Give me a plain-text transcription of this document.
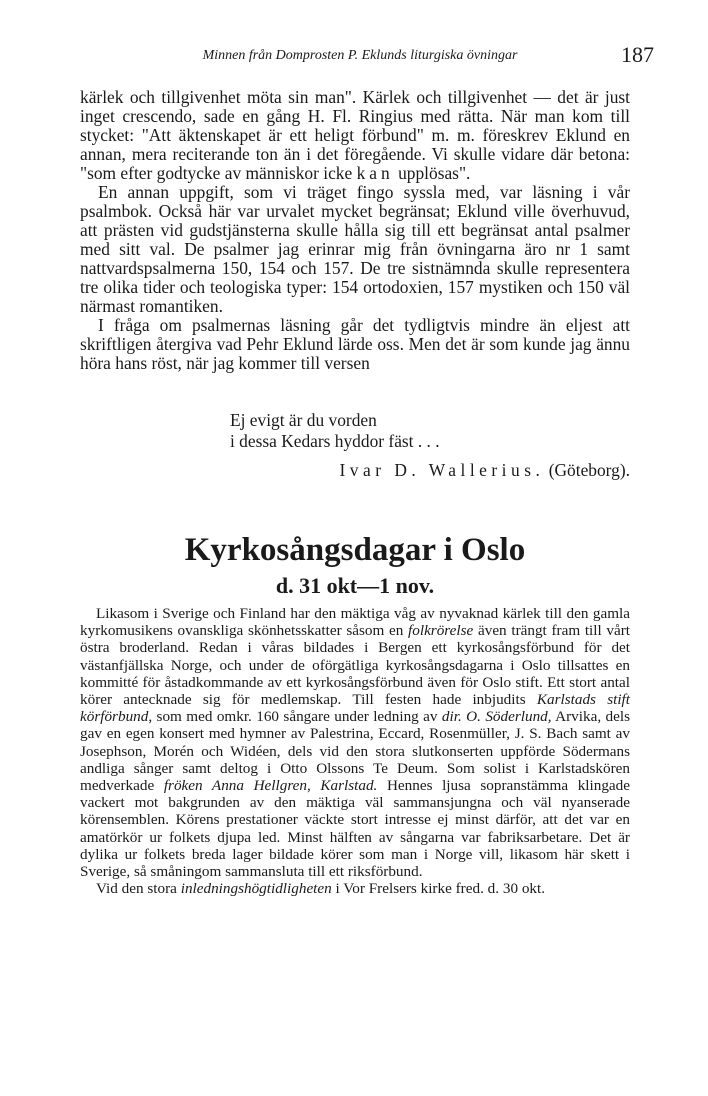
Minnen från Domprosten P. Eklunds liturgiska övningar	187

kärlek och tillgivenhet möta sin man". Kärlek och tillgivenhet — det är just inget crescendo, sade en gång H. Fl. Ringius med rätta. När man kom till stycket: "Att äktenskapet är ett heligt förbund" m. m. föreskrev Eklund en annan, mera reciterande ton än i det föregående. Vi skulle vidare där betona: "som efter godtycke av människor icke kan upplösas".

En annan uppgift, som vi träget fingo syssla med, var läsning i vår psalmbok. Också här var urvalet mycket begränsat; Eklund ville överhuvud, att prästen vid gudstjänsterna skulle hålla sig till ett begränsat antal psalmer med sitt val. De psalmer jag erinrar mig från övningarna äro nr 1 samt nattvardspsalmerna 150, 154 och 157. De tre sistnämnda skulle representera tre olika tider och teologiska typer: 154 ortodoxien, 157 mystiken och 150 väl närmast romantiken.

I fråga om psalmernas läsning går det tydligtvis mindre än eljest att skriftligen återgiva vad Pehr Eklund lärde oss. Men det är som kunde jag ännu höra hans röst, när jag kommer till versen

Ej evigt är du vorden
i dessa Kedars hyddor fäst . . .
Ivar D. Wallerius. (Göteborg).
Kyrkosångsdagar i Oslo
d. 31 okt—1 nov.

Likasom i Sverige och Finland har den mäktiga våg av nyvaknad kärlek till den gamla kyrkomusikens ovanskliga skönhetsskatter såsom en folkrörelse även trängt fram till vårt östra broderland. Redan i våras bildades i Bergen ett kyrkosångsförbund för det västanfjällska Norge, och under de oförgätliga kyrkosångsdagarna i Oslo tillsattes en kommitté för åstadkommande av ett kyrkosångsförbund även för Oslo stift. Ett stort antal körer antecknade sig för medlemskap. Till festen hade inbjudits Karlstads stift körförbund, som med omkr. 160 sångare under ledning av dir. O. Söderlund, Arvika, dels gav en egen konsert med hymner av Palestrina, Eccard, Rosenmüller, J. S. Bach samt av Josephson, Morén och Widéen, dels vid den stora slutkonserten uppförde Södermans andliga sånger samt deltog i Otto Olssons Te Deum. Som solist i Karlstadskören medverkade fröken Anna Hellgren, Karlstad. Hennes ljusa sopranstämma klingade vackert mot bakgrunden av den mäktiga väl sammansjungna och väl nyanserade körensemblen. Körens prestationer väckte stort intresse ej minst därför, att det var en amatörkör ur folkets djupa led. Minst hälften av sångarna var fabriksarbetare. Det är dylika ur folkets breda lager bildade körer som man i Norge vill, likasom här skett i Sverige, så småningom sammansluta till ett riksförbund.

Vid den stora inledningshögtidligheten i Vor Frelsers kirke fred. d. 30 okt.
